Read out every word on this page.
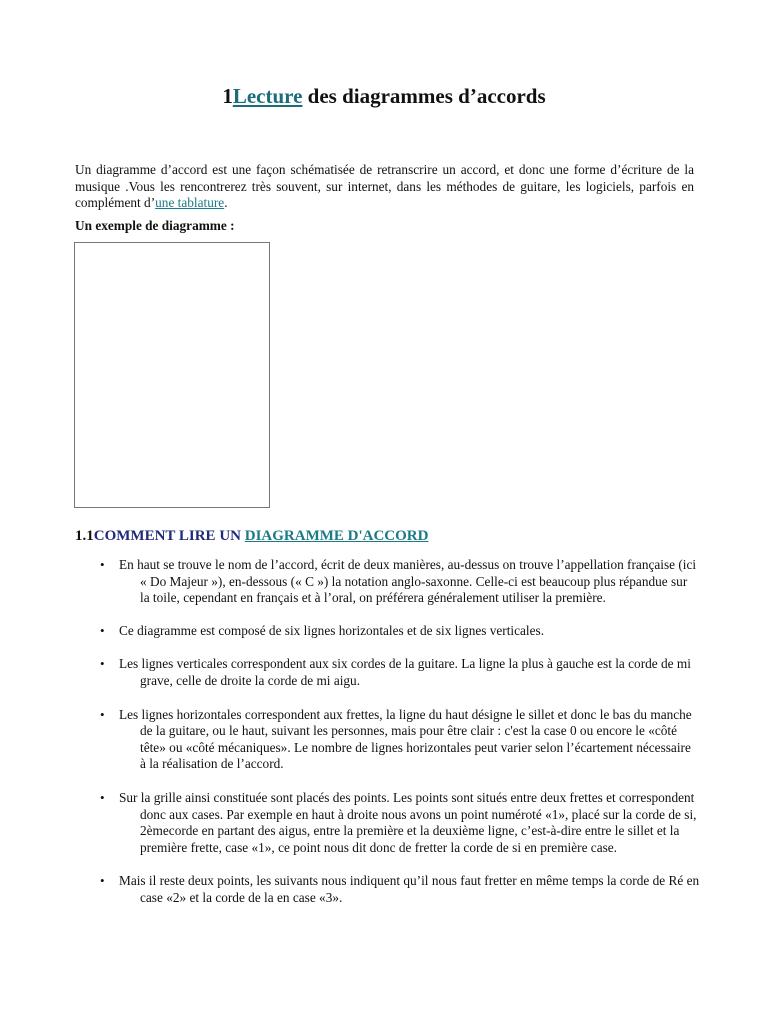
1Lecture des diagrammes d’accords

Un diagramme d’accord est une façon schématisée de retranscrire un accord, et donc une forme d’écriture de la musique .Vous les rencontrerez très souvent, sur internet, dans les méthodes de guitare, les logiciels, parfois en complément d’une tablature.

Un exemple de diagramme :

1.1COMMENT LIRE UN DIAGRAMME D'ACCORD
• En haut se trouve le nom de l’accord, écrit de deux manières, au-dessus on trouve l’appellation française (ici « Do Majeur »), en-dessous (« C ») la notation anglo-saxonne. Celle-ci est beaucoup plus répandue sur la toile, cependant en français et à l’oral, on préférera généralement utiliser la première.
• Ce diagramme est composé de six lignes horizontales et de six lignes verticales.
• Les lignes verticales correspondent aux six cordes de la guitare. La ligne la plus à gauche est la corde de mi grave, celle de droite la corde de mi aigu.
• Les lignes horizontales correspondent aux frettes, la ligne du haut désigne le sillet et donc le bas du manche de la guitare, ou le haut, suivant les personnes, mais pour être clair : c'est la case 0 ou encore le «côté tête» ou «côté mécaniques». Le nombre de lignes horizontales peut varier selon l’écartement nécessaire à la réalisation de l’accord.
• Sur la grille ainsi constituée sont placés des points. Les points sont situés entre deux frettes et correspondent donc aux cases. Par exemple en haut à droite nous avons un point numéroté «1», placé sur la corde de si, 2èmecorde en partant des aigus, entre la première et la deuxième ligne, c’est-à-dire entre le sillet et la première frette, case «1», ce point nous dit donc de fretter la corde de si en première case.
• Mais il reste deux points, les suivants nous indiquent qu’il nous faut fretter en même temps la corde de Ré en case «2» et la corde de la en case «3».
